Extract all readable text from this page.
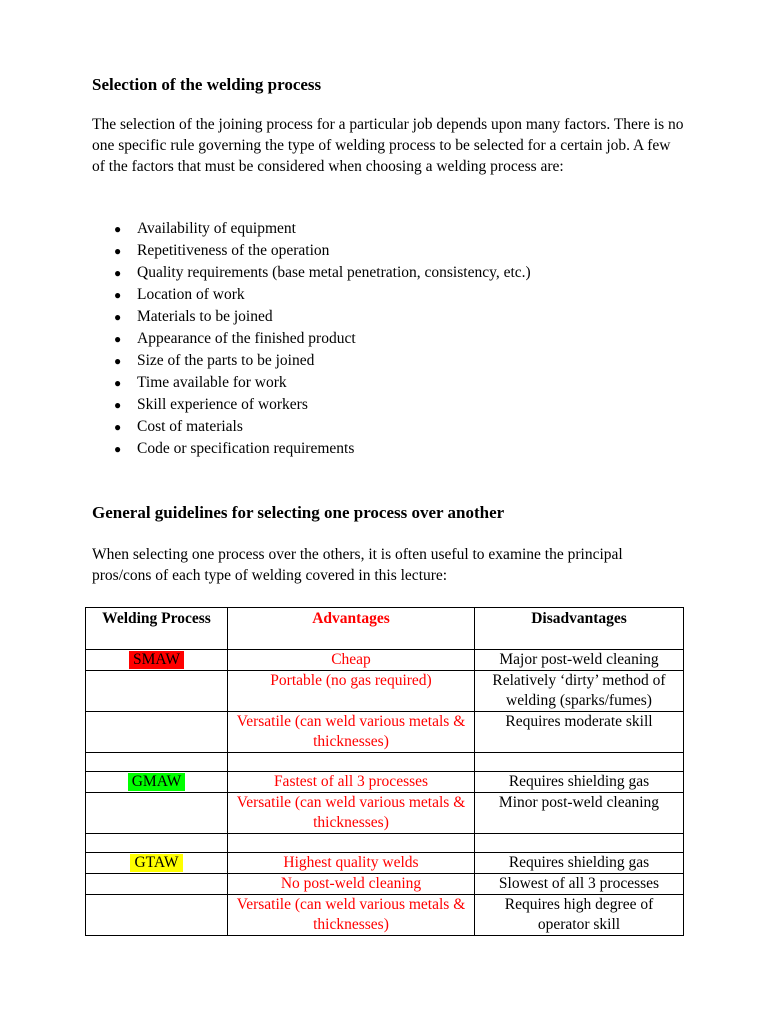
Selection of the welding process

The selection of the joining process for a particular job depends upon many factors. There is no one specific rule governing the type of welding process to be selected for a certain job. A few of the factors that must be considered when choosing a welding process are:

● Availability of equipment
● Repetitiveness of the operation
● Quality requirements (base metal penetration, consistency, etc.)
● Location of work
● Materials to be joined
● Appearance of the finished product
● Size of the parts to be joined
● Time available for work
● Skill experience of workers
● Cost of materials
● Code or specification requirements
General guidelines for selecting one process over another

When selecting one process over the others, it is often useful to examine the principal pros/cons of each type of welding covered in this lecture:

Welding Process	Advantages	Disadvantages
SMAW	Cheap	Major post-weld cleaning
	Portable (no gas required)	Relatively ‘dirty’ method of welding (sparks/fumes)
	Versatile (can weld various metals & thicknesses)	Requires moderate skill

GMAW	Fastest of all 3 processes	Requires shielding gas
	Versatile (can weld various metals & thicknesses)	Minor post-weld cleaning

GTAW	Highest quality welds	Requires shielding gas
	No post-weld cleaning	Slowest of all 3 processes
	Versatile (can weld various metals & thicknesses)	Requires high degree of operator skill
